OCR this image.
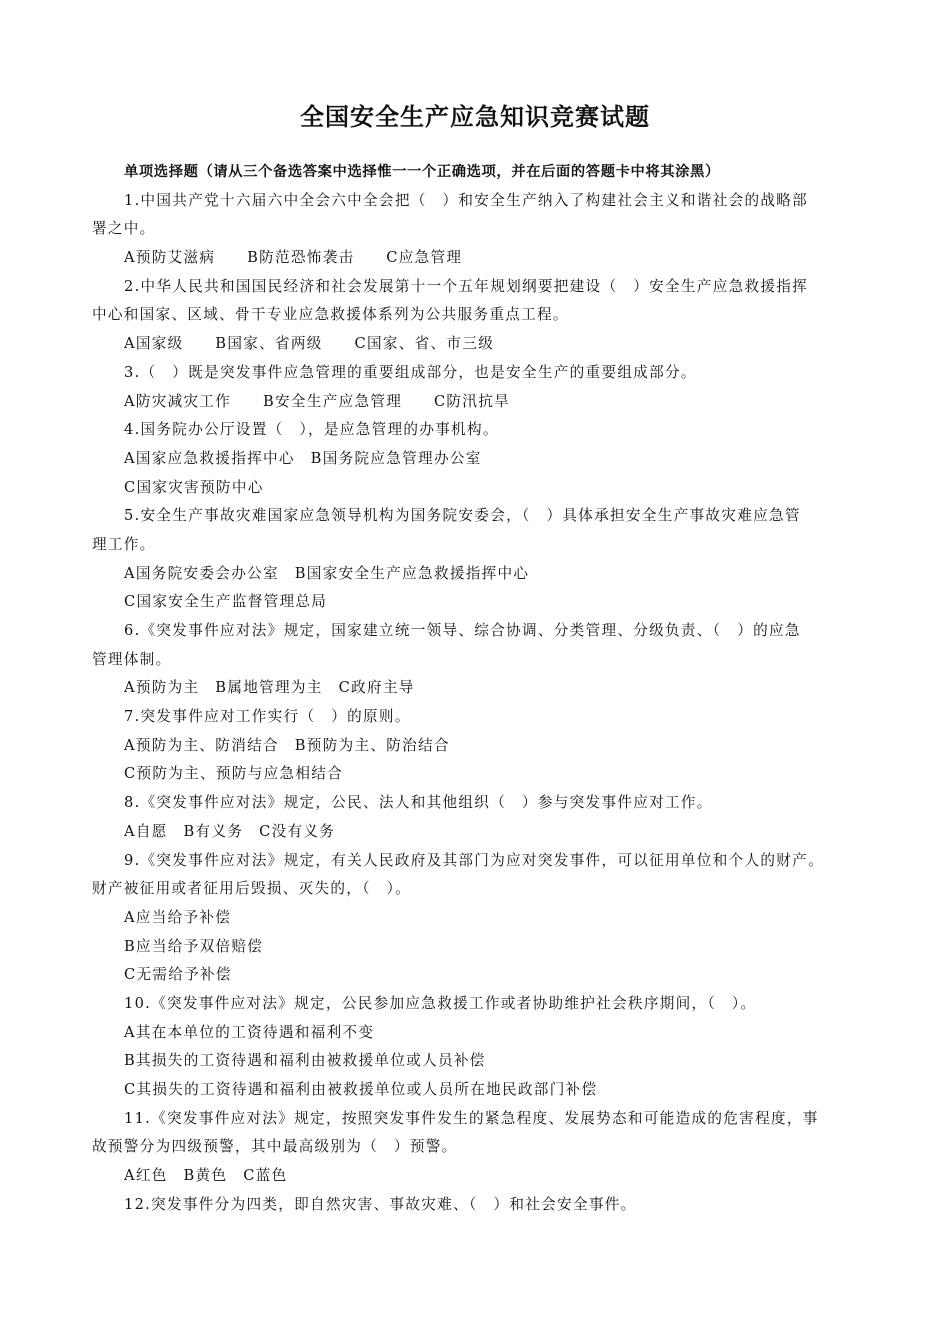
全国安全生产应急知识竞赛试题
单项选择题（请从三个备选答案中选择惟一一个正确选项，并在后面的答题卡中将其涂黑）
1.中国共产党十六届六中全会六中全会把（　）和安全生产纳入了构建社会主义和谐社会的战略部
署之中。
A预防艾滋病　　B防范恐怖袭击　　C应急管理
2.中华人民共和国国民经济和社会发展第十一个五年规划纲要把建设（　）安全生产应急救援指挥
中心和国家、区域、骨干专业应急救援体系列为公共服务重点工程。
A国家级　　B国家、省两级　　C国家、省、市三级
3.（　）既是突发事件应急管理的重要组成部分，也是安全生产的重要组成部分。
A防灾减灾工作　　B安全生产应急管理　　C防汛抗旱
4.国务院办公厅设置（　），是应急管理的办事机构。
A国家应急救援指挥中心　B国务院应急管理办公室
C国家灾害预防中心
5.安全生产事故灾难国家应急领导机构为国务院安委会，（　）具体承担安全生产事故灾难应急管
理工作。
A国务院安委会办公室　B国家安全生产应急救援指挥中心
C国家安全生产监督管理总局
6.《突发事件应对法》规定，国家建立统一领导、综合协调、分类管理、分级负责、（　）的应急
管理体制。
A预防为主　B属地管理为主　C政府主导
7.突发事件应对工作实行（　）的原则。
A预防为主、防消结合　B预防为主、防治结合
C预防为主、预防与应急相结合
8.《突发事件应对法》规定，公民、法人和其他组织（　）参与突发事件应对工作。
A自愿　B有义务　C没有义务
9.《突发事件应对法》规定，有关人民政府及其部门为应对突发事件，可以征用单位和个人的财产。
财产被征用或者征用后毁损、灭失的，（　）。
A应当给予补偿
B应当给予双倍赔偿
C无需给予补偿
10.《突发事件应对法》规定，公民参加应急救援工作或者协助维护社会秩序期间，（　）。
A其在本单位的工资待遇和福利不变
B其损失的工资待遇和福利由被救援单位或人员补偿
C其损失的工资待遇和福利由被救援单位或人员所在地民政部门补偿
11.《突发事件应对法》规定，按照突发事件发生的紧急程度、发展势态和可能造成的危害程度，事
故预警分为四级预警，其中最高级别为（　）预警。
A红色　B黄色　C蓝色
12.突发事件分为四类，即自然灾害、事故灾难、（　）和社会安全事件。
